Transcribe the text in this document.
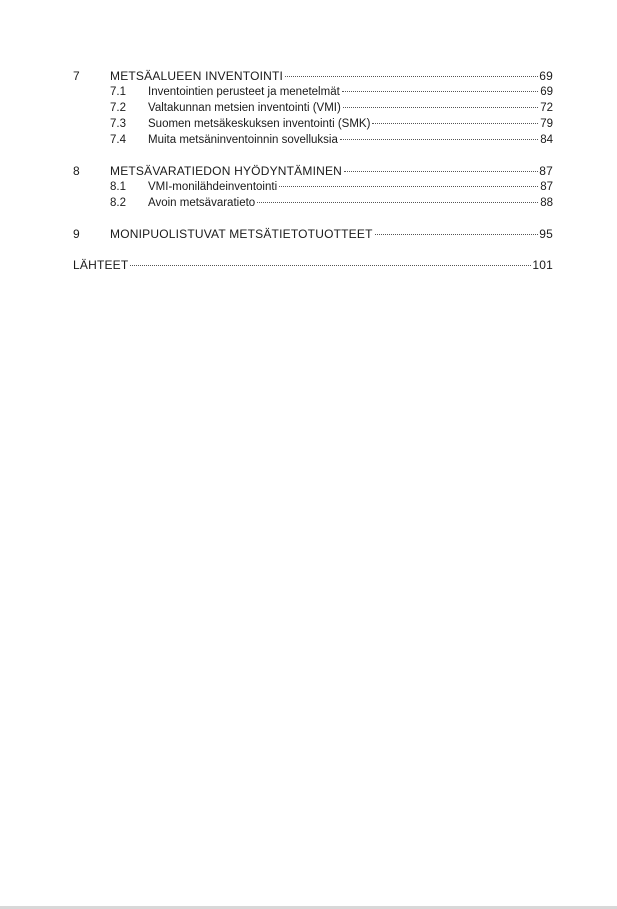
7	METSÄALUEEN INVENTOINTI	69
7.1	Inventointien perusteet ja menetelmät	69
7.2	Valtakunnan metsien inventointi (VMI)	72
7.3	Suomen metsäkeskuksen inventointi (SMK)	79
7.4	Muita metsäninventoinnin sovelluksia	84
8	METSÄVARATIEDON HYÖDYNTÄMINEN	87
8.1	VMI-monilähdeinventointi	87
8.2	Avoin metsävaratieto	88
9	MONIPUOLISTUVAT METSÄTIETOTUOTTEET	95
LÄHTEET	101
